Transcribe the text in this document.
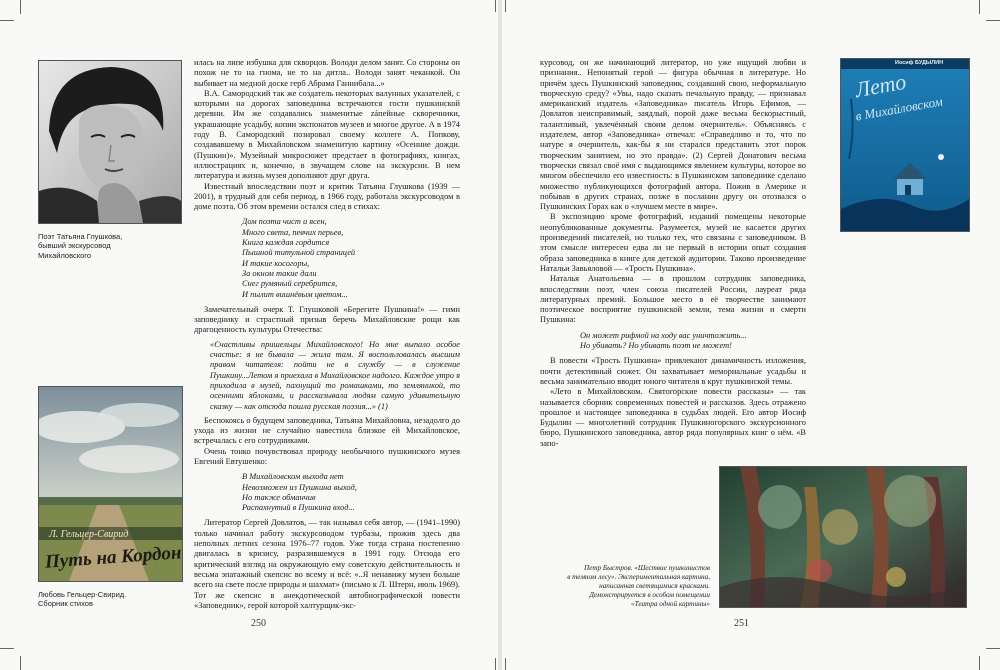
Поэт Татьяна Глушкова,
бывший экскурсовод
Михайловского
Л. Гельцер-Свирид
Путь на Кордон
Любовь Гельцер-Свирид.
Сборник стихов

илась на липе избушка для скворцов. Володи делом занят. Со стороны он похож не то на гнома, не то на дитла.. Володи занят чеканкой. Он выбивает на медной доске герб Абрама Ганнибала...»

В.А. Самородский так же создатель некоторых валунных указателей, с которыми на дорогах заповедника встречаются гости пушкинской деревни. Им же создавались знаменитые záпейные скворечники, украшающие усадьбу, копии экспонатов музеев и многое другое. А в 1974 году В. Самородский позировал своему коллеге А. Попкову, создававшему в Михайловском знаменитую картину «Осенние дожди. (Пушкин)». Музейный микросюжет предстает в фотографиях, книгах, иллюстрациях и, конечно, в звучащем слове на экскурсии. В нем литература и жизнь музея дополняют друг друга.

Известный впоследствии поэт и критик Татьяна Глушкова (1939 — 2001), в трудный для себя период, в 1966 году, работала экскурсоводом в доме поэта. Об этом времени остался след в стихах:

Дом поэта чист и ясен,
Много света, певчих перьев,
Книга каждая гордится
Пышной титульной страницей
И такие косогоры,
За окном такие дали
Снег румяный серебрится,
И пылит вишнёвым цветом...

Замечательный очерк Т. Глушковой «Берегите Пушкина!» — гимн заповеднику и страстный призыв беречь Михайловские рощи как драгоценность культуры Отечества:

«Счастливы пришельцы Михайловского! Но мне выпало особое счастье: я не бывала — жила там. Я воспользовалась высшим правом читателя: пойти не в службу — в служение Пушкину...Летом я приехала в Михайловское надолго. Каждое утро я приходила в музей, пахнущий то ромашками, то земляникой, то осенними яблоками, и рассказывала людям самую удивительную сказку — как отсюда пошла русская поэзия...» (1)

Беспокоясь о будущем заповедника, Татьяна Михайловна, незадолго до ухода из жизни не случайно навестила близкое ей Михайловское, встречалась с его сотрудниками.

Очень тонко почувствовал природу необычного пушкинского музея Евгений Евтушенко:

В Михайловском выхода нет
Невозможен из Пушкина выход,
Но также обманчив
Распахнутый в Пушкина вход...

Литератор Сергей Довлатов, — так называл себя автор, — (1941–1990) только начинал работу экскурсоводом турбазы, прожив здесь два неполных летних сезона 1976–77 годов. Уже тогда страна постепенно двигалась в кризису, разразившемуся в 1991 году. Отсюда его критический взгляд на окружающую ему советскую действительность и весьма эпатажный скепсис во всему и всё: «..Я ненавижу музеи больше всего на свете после природы и шахмат» (письмо к Л. Штерн, июль 1969). Тот же скепсис в анекдотической автобиографической повести «Заповедник», герой которой халтурщик-экс-

250

курсовод, он же начинающий литератор, но уже ищущий любви и признания.. Непонятый герой — фигура обычная в литературе. Но причём здесь Пушкинский заповедник, создавший свою, неформальную творческую среду? «Увы, надо сказать печальную правду, — признавал американский издатель «Заповедника» писатель Игорь Ефимов, — Довлатов неисправимый, заядлый, порой даже весьма бескорыстный, талантливый, увлечённый своим делом очернитель». Объясняясь с издателем, автор «Заповедника» отвечал: «Справедливо и то, что по натуре я очернитель, как-бы я ни старался представить этот порок творческим занятием, но это правда». (2) Сергей Донатович весьма творчески связал своё имя с выдающимся явлением культуры, которое во многом обеспечило его известность: в Пушкинском заповеднике сделано множество публикующихся фотографий автора. Пожив в Америке и побывав в других странах, позже в послании другу он отозвался о Пушкинских Горах как о «лучшем месте в мире».

В экспозицию кроме фотографий, изданий помещены некоторые неопубликованные документы. Разумеется, музей не касается других произведений писателей, но только тех, что связаны с заповедником. В этом смысле интересен едва ли не первый в истории опыт создания образа заповедника в книге для детской аудитории. Таково произведение Натальи Завьяловой — «Трость Пушкина».

Наталья Анатольевна — в прошлом сотрудник заповедника, впоследствии поэт, член союза писателей России, лауреат ряда литературных премий. Большое место в её творчестве занимают поэтическое восприятие пушкинской земли, тема жизни и смерти Пушкина:

Он может рифмой на ходу вас уничтожить...
Но убивать? Но убивать поэт не может!

В повести «Трость Пушкина» привлекают динамичность изложения, почти детективный сюжет. Он захватывает мемориальные усадьбы и весьма занимательно вводит юного читателя в круг пушкинской темы.

«Лето в Михайловском. Святогорские повести рассказы» — так называется сборник современных повестей и рассказов. Здесь отражено прошлое и настоящее заповедника в судьбах людей. Его автор Иосиф Будылин — многолетний сотрудник Пушкиногорского экскурсионного бюро, Пушкинского заповедника, автор ряда популярных книг о нём. «В запо-

Иосиф БУДЫЛИН
Лето
в Михайловском
Петр Быстров. «Шествие пушкинистов
в темном лесу». Экспериментальная картина,
написанная светящимися красками.
Демонстрируется в особом помещении
«Театра одной картины»
251
